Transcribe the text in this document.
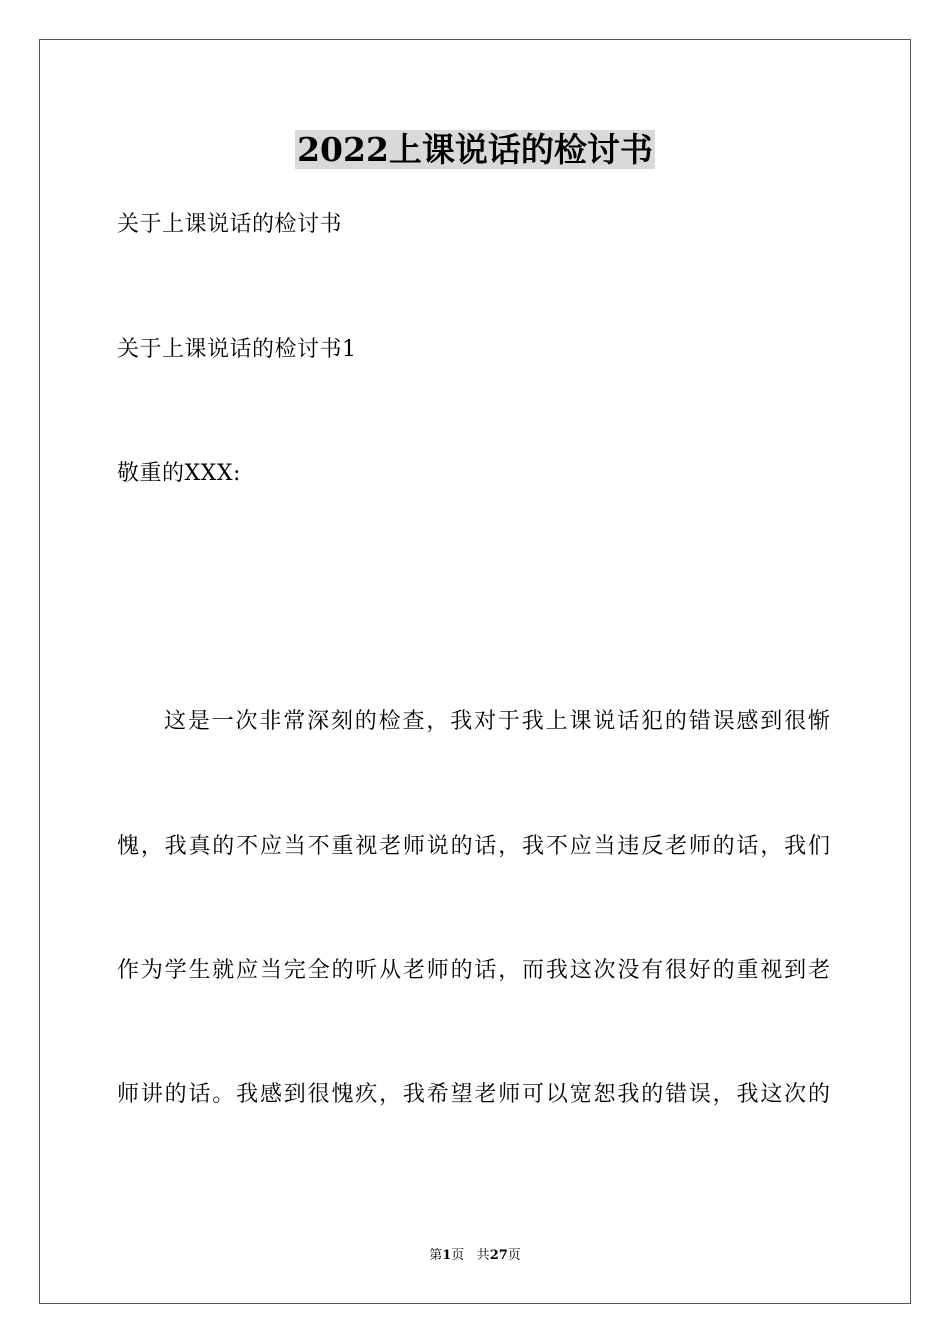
2022上课说话的检讨书
关于上课说话的检讨书
关于上课说话的检讨书1
敬重的XXX:
这是一次非常深刻的检查，我对于我上课说话犯的错误感到很惭
愧，我真的不应当不重视老师说的话，我不应当违反老师的话，我们
作为学生就应当完全的听从老师的话，而我这次没有很好的重视到老
师讲的话。我感到很愧疚，我希望老师可以宽恕我的错误，我这次的
第1页 共27页
